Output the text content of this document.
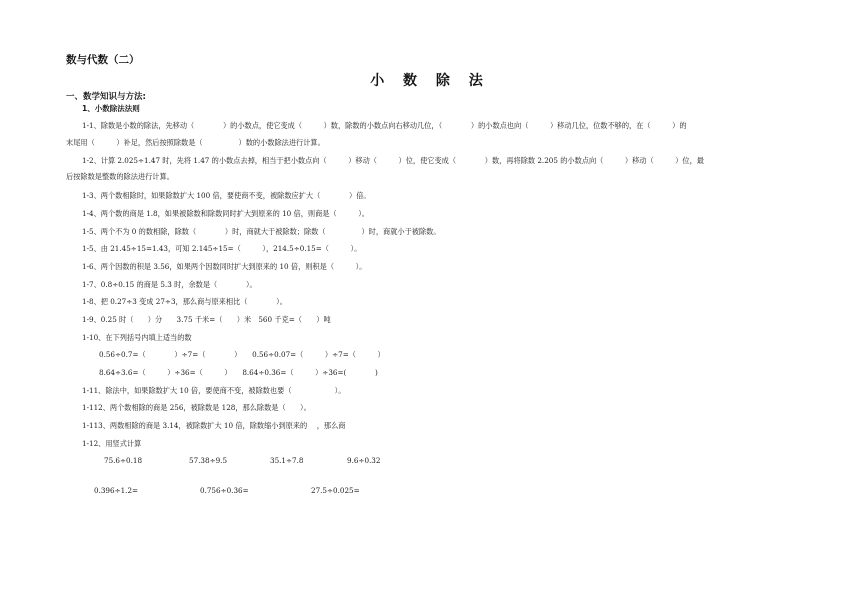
数与代数（二）
小 数 除 法
一、数学知识与方法:
1、小数除法法则
1-1、除数是小数的除法，先移动（　　　　）的小数点，使它变成（　　　）数，除数的小数点向右移动几位，（　　　　）的小数点也向（　　　）移动几位，位数不够的，在（　　　）的
末尾用（　　　）补足，然后按照除数是（　　　　　）数的小数除法进行计算。
1-2、计算 2.025÷1.47 时，先将 1.47 的小数点去掉，相当于把小数点向（　　　）移动（　　　）位，使它变成（　　　　）数，再将除数 2.205 的小数点向（　　　）移动（　　　）位，最
后按除数是整数的除法进行计算。
1-3、两个数相除时，如果除数扩大 100 倍，要使商不变，被除数应扩大（　　　　）倍。
1-4、两个数的商是 1.8，如果被除数和除数同时扩大到原来的 10 倍，则商是（　　　）。
1-5、两个不为 0 的数相除，除数（　　　　）时，商就大于被除数；除数（　　　　　）时，商就小于被除数。
1-5、由 21.45÷15=1.43，可知 2.145÷15=（　　　），214.5÷0.15=（　　　）。
1-6、两个因数的积是 3.56，如果两个因数同时扩大到原来的 10 倍，则积是（　　　）。
1-7、0.8÷0.15 的商是 5.3 时，余数是（　　　　）。
1-8、把 0.27÷3 变成 27÷3，那么商与原来相比（　　　　）。
1-9、0.25 时（　　）分　　3.75 千米=（　　）米　560 千克=（　　）吨
1-10、在下列括号内填上适当的数
0.56÷0.7=（　　　　）÷7=（　　　　）　　0.56÷0.07=（　　　）÷7=（　　　）
8.64÷3.6=（　　　）÷36=（　　　）　　8.64÷0.36=（　　　）÷36=(　　　　)
1-11、除法中，如果除数扩大 10 倍，要使商不变，被除数也要（　　　　　　）。
1-112、两个数相除的商是 256，被除数是 128，那么除数是（　　）。
1-113、两数相除的商是 3.14，被除数扩大 10 倍，除数缩小到原来的　 ，那么商
1-12、用竖式计算
75.6÷0.18	57.38÷9.5	35.1÷7.8	9.6÷0.32
0.396÷1.2=	0.756÷0.36=	27.5÷0.025=
